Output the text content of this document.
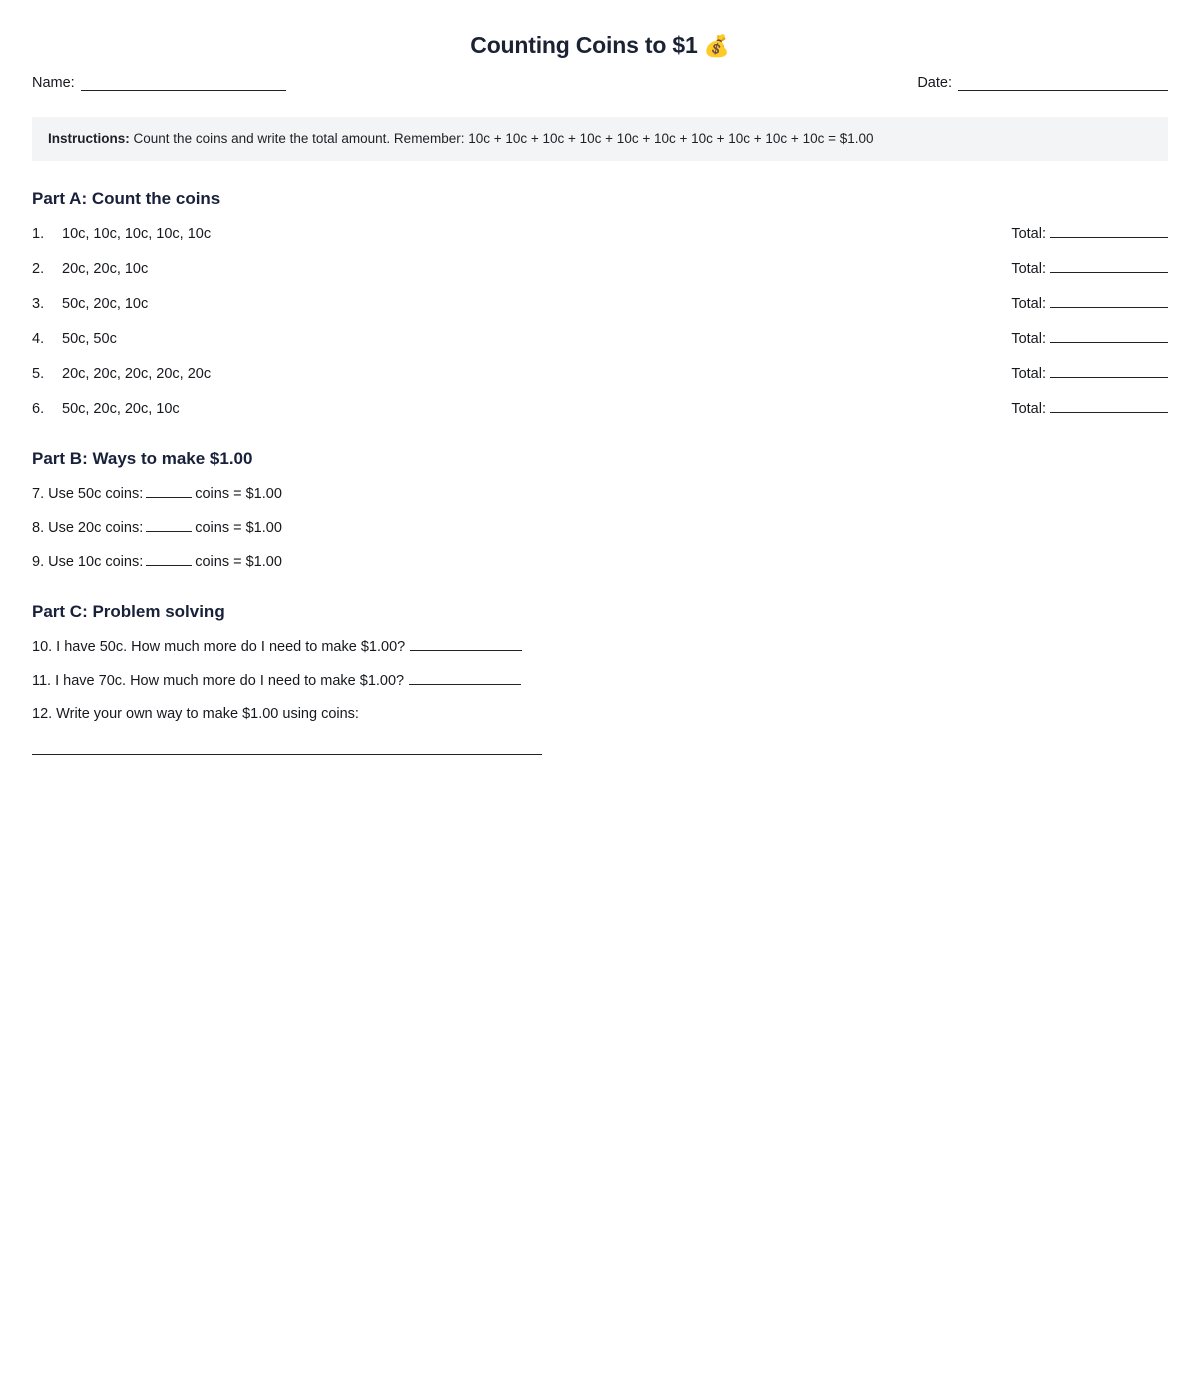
Counting Coins to $1 💰
Name:	Date:
Instructions: Count the coins and write the total amount. Remember: 10c + 10c + 10c + 10c + 10c + 10c + 10c + 10c + 10c + 10c = $1.00
Part A: Count the coins
1.	10c, 10c, 10c, 10c, 10c	Total:
2.	20c, 20c, 10c	Total:
3.	50c, 20c, 10c	Total:
4.	50c, 50c	Total:
5.	20c, 20c, 20c, 20c, 20c	Total:
6.	50c, 20c, 20c, 10c	Total:
Part B: Ways to make $1.00
7. Use 50c coins:	coins = $1.00
8. Use 20c coins:	coins = $1.00
9. Use 10c coins:	coins = $1.00
Part C: Problem solving
10. I have 50c. How much more do I need to make $1.00?
11. I have 70c. How much more do I need to make $1.00?
12. Write your own way to make $1.00 using coins:
